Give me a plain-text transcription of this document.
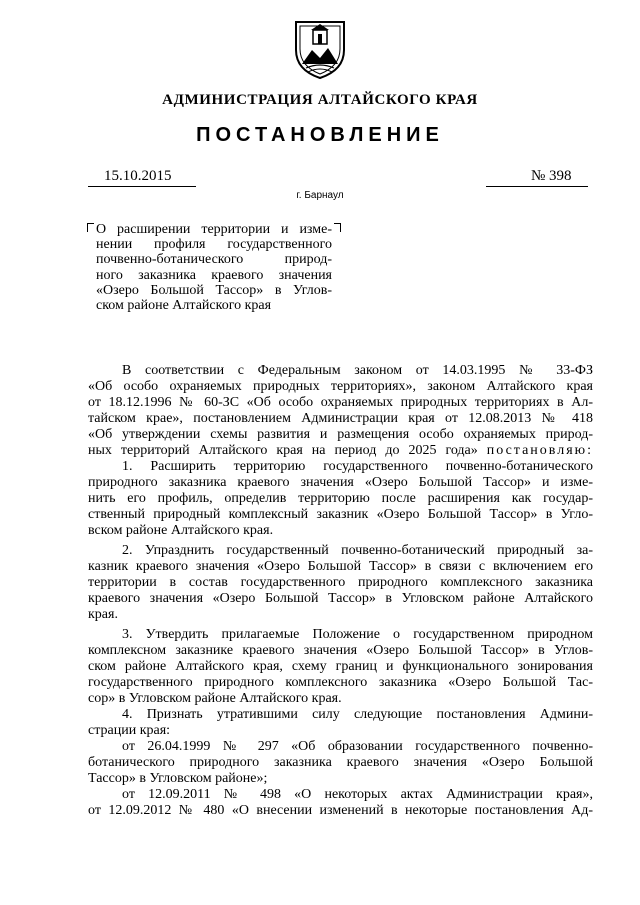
АДМИНИСТРАЦИЯ АЛТАЙСКОГО КРАЯ
ПОСТАНОВЛЕНИЕ
15.10.2015	№ 398
г. Барнаул
О расширении территории и изме-
нении профиля государственного
почвенно-ботанического природ-
ного заказника краевого значения
«Озеро Большой Тассор» в Углов-
ском районе Алтайского края
В соответствии с Федеральным законом от 14.03.1995 № 33-ФЗ
«Об особо охраняемых природных территориях», законом Алтайского края
от 18.12.1996 № 60-ЗС «Об особо охраняемых природных территориях в Ал-
тайском крае», постановлением Администрации края от 12.08.2013 № 418
«Об утверждении схемы развития и размещения особо охраняемых природ-
ных территорий Алтайского края на период до 2025 года» постановляю:
1. Расширить территорию государственного почвенно-ботанического
природного заказника краевого значения «Озеро Большой Тассор» и изме-
нить его профиль, определив территорию после расширения как государ-
ственный природный комплексный заказник «Озеро Большой Тассор» в Угло-
вском районе Алтайского края.
2. Упразднить государственный почвенно-ботанический природный за-
казник краевого значения «Озеро Большой Тассор» в связи с включением его
территории в состав государственного природного комплексного заказника
краевого значения «Озеро Большой Тассор» в Угловском районе Алтайского
края.
3. Утвердить прилагаемые Положение о государственном природном
комплексном заказнике краевого значения «Озеро Большой Тассор» в Углов-
ском районе Алтайского края, схему границ и функционального зонирования
государственного природного комплексного заказника «Озеро Большой Тас-
сор» в Угловском районе Алтайского края.
4. Признать утратившими силу следующие постановления Админи-
страции края:
от 26.04.1999 № 297 «Об образовании государственного почвенно-
ботанического природного заказника краевого значения «Озеро Большой
Тассор» в Угловском районе»;
от 12.09.2011 № 498 «О некоторых актах Администрации края»,
от 12.09.2012 № 480 «О внесении изменений в некоторые постановления Ад-
